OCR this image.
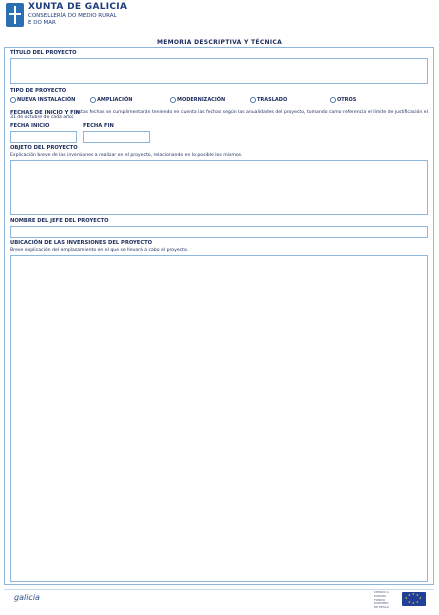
XUNTA DE GALICIA
CONSELLERÍA DO MEDIO RURAL
E DO MAR
MEMORIA DESCRIPTIVA Y TÉCNICA
TÍTULO DEL PROYECTO
TIPO DE PROYECTO
NUEVA INSTALACIÓN	AMPLIACIÓN	MODERNIZACIÓN	TRASLADO	OTROS
FECHAS DE INICIO Y FIN
(estas fechas se cumplimentarán teniendo en cuenta las fechas según las anualidades del proyecto, tomando como referencia el límite de justificación el 31 de octubre de cada año)
FECHA INICIO	FECHA FIN
OBJETO DEL PROYECTO
Explicación breve de las inversiones a realizar en el proyecto, relacionando en lo posible los mismos.
NOMBRE DEL JEFE DEL PROYECTO
UBICACIÓN DE LAS INVERSIONES DEL PROYECTO
Breve explicación del emplazamiento en el que se llevará a cabo el proyecto.
galicia
CEDIDO A EUROPA
FONDO EUROPEO
DE PESCA
★ ★
★
★
★
★
★
★
